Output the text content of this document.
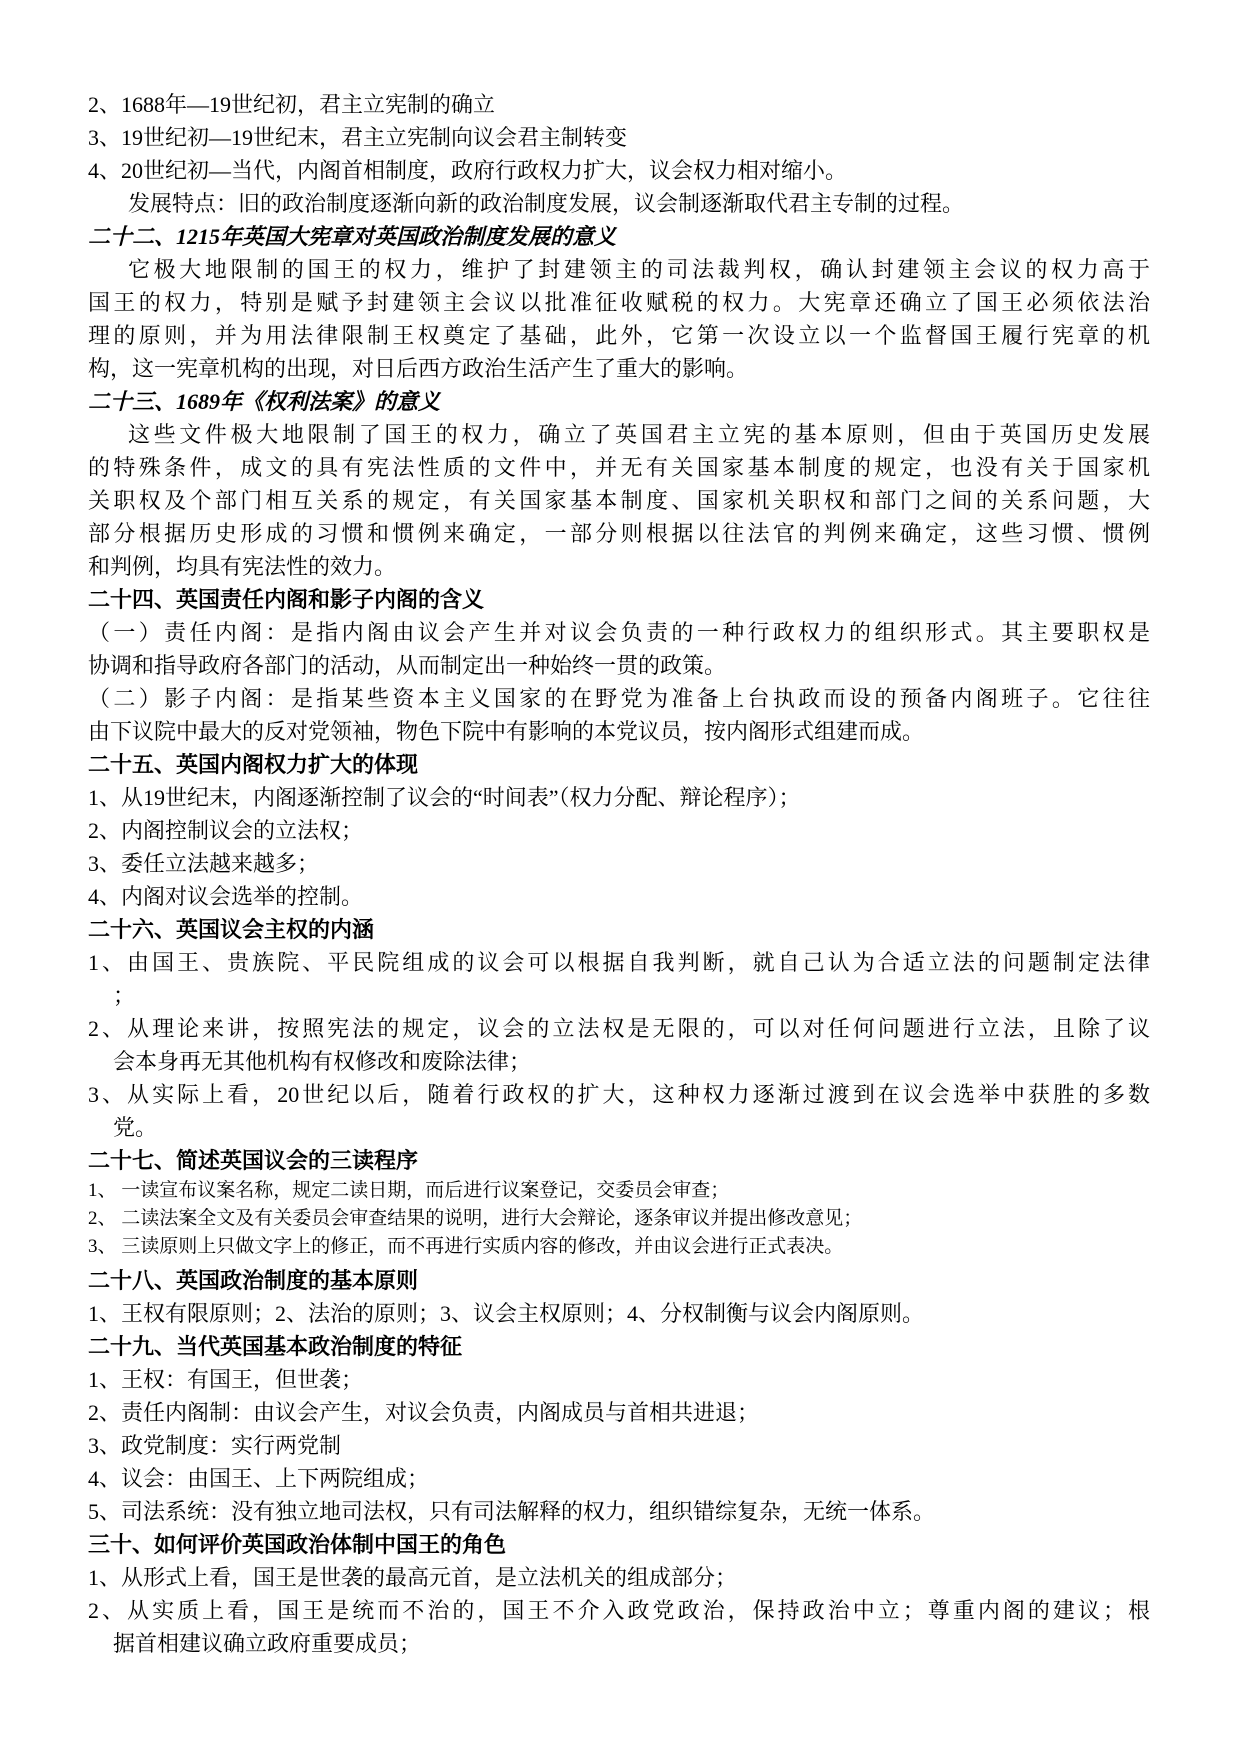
2、1688年—19世纪初，君主立宪制的确立
3、19世纪初—19世纪末，君主立宪制向议会君主制转变
4、20世纪初—当代，内阁首相制度，政府行政权力扩大，议会权力相对缩小。
发展特点：旧的政治制度逐渐向新的政治制度发展，议会制逐渐取代君主专制的过程。
二十二、1215年英国大宪章对英国政治制度发展的意义
它极大地限制的国王的权力，维护了封建领主的司法裁判权，确认封建领主会议的权力高于
国王的权力，特别是赋予封建领主会议以批准征收赋税的权力。大宪章还确立了国王必须依法治
理的原则，并为用法律限制王权奠定了基础，此外，它第一次设立以一个监督国王履行宪章的机
构，这一宪章机构的出现，对日后西方政治生活产生了重大的影响。
二十三、1689年《权利法案》的意义
这些文件极大地限制了国王的权力，确立了英国君主立宪的基本原则，但由于英国历史发展
的特殊条件，成文的具有宪法性质的文件中，并无有关国家基本制度的规定，也没有关于国家机
关职权及个部门相互关系的规定，有关国家基本制度、国家机关职权和部门之间的关系问题，大
部分根据历史形成的习惯和惯例来确定，一部分则根据以往法官的判例来确定，这些习惯、惯例
和判例，均具有宪法性的效力。
二十四、英国责任内阁和影子内阁的含义
（一）责任内阁：是指内阁由议会产生并对议会负责的一种行政权力的组织形式。其主要职权是
协调和指导政府各部门的活动，从而制定出一种始终一贯的政策。
（二）影子内阁：是指某些资本主义国家的在野党为准备上台执政而设的预备内阁班子。它往往
由下议院中最大的反对党领袖，物色下院中有影响的本党议员，按内阁形式组建而成。
二十五、英国内阁权力扩大的体现
1、从19世纪末，内阁逐渐控制了议会的“时间表”（权力分配、辩论程序）；
2、内阁控制议会的立法权；
3、委任立法越来越多；
4、内阁对议会选举的控制。
二十六、英国议会主权的内涵
1、由国王、贵族院、平民院组成的议会可以根据自我判断，就自己认为合适立法的问题制定法律
；
2、从理论来讲，按照宪法的规定，议会的立法权是无限的，可以对任何问题进行立法，且除了议
会本身再无其他机构有权修改和废除法律；
3、从实际上看，20世纪以后，随着行政权的扩大，这种权力逐渐过渡到在议会选举中获胜的多数
党。
二十七、简述英国议会的三读程序
1、 一读宣布议案名称，规定二读日期，而后进行议案登记，交委员会审查；
2、 二读法案全文及有关委员会审查结果的说明，进行大会辩论，逐条审议并提出修改意见；
3、 三读原则上只做文字上的修正，而不再进行实质内容的修改，并由议会进行正式表决。
二十八、英国政治制度的基本原则
1、王权有限原则；2、法治的原则；3、议会主权原则；4、分权制衡与议会内阁原则。
二十九、当代英国基本政治制度的特征
1、王权：有国王，但世袭；
2、责任内阁制：由议会产生，对议会负责，内阁成员与首相共进退；
3、政党制度：实行两党制
4、议会：由国王、上下两院组成；
5、司法系统：没有独立地司法权，只有司法解释的权力，组织错综复杂，无统一体系。
三十、如何评价英国政治体制中国王的角色
1、从形式上看，国王是世袭的最高元首，是立法机关的组成部分；
2、从实质上看，国王是统而不治的，国王不介入政党政治，保持政治中立；尊重内阁的建议；根
据首相建议确立政府重要成员；
